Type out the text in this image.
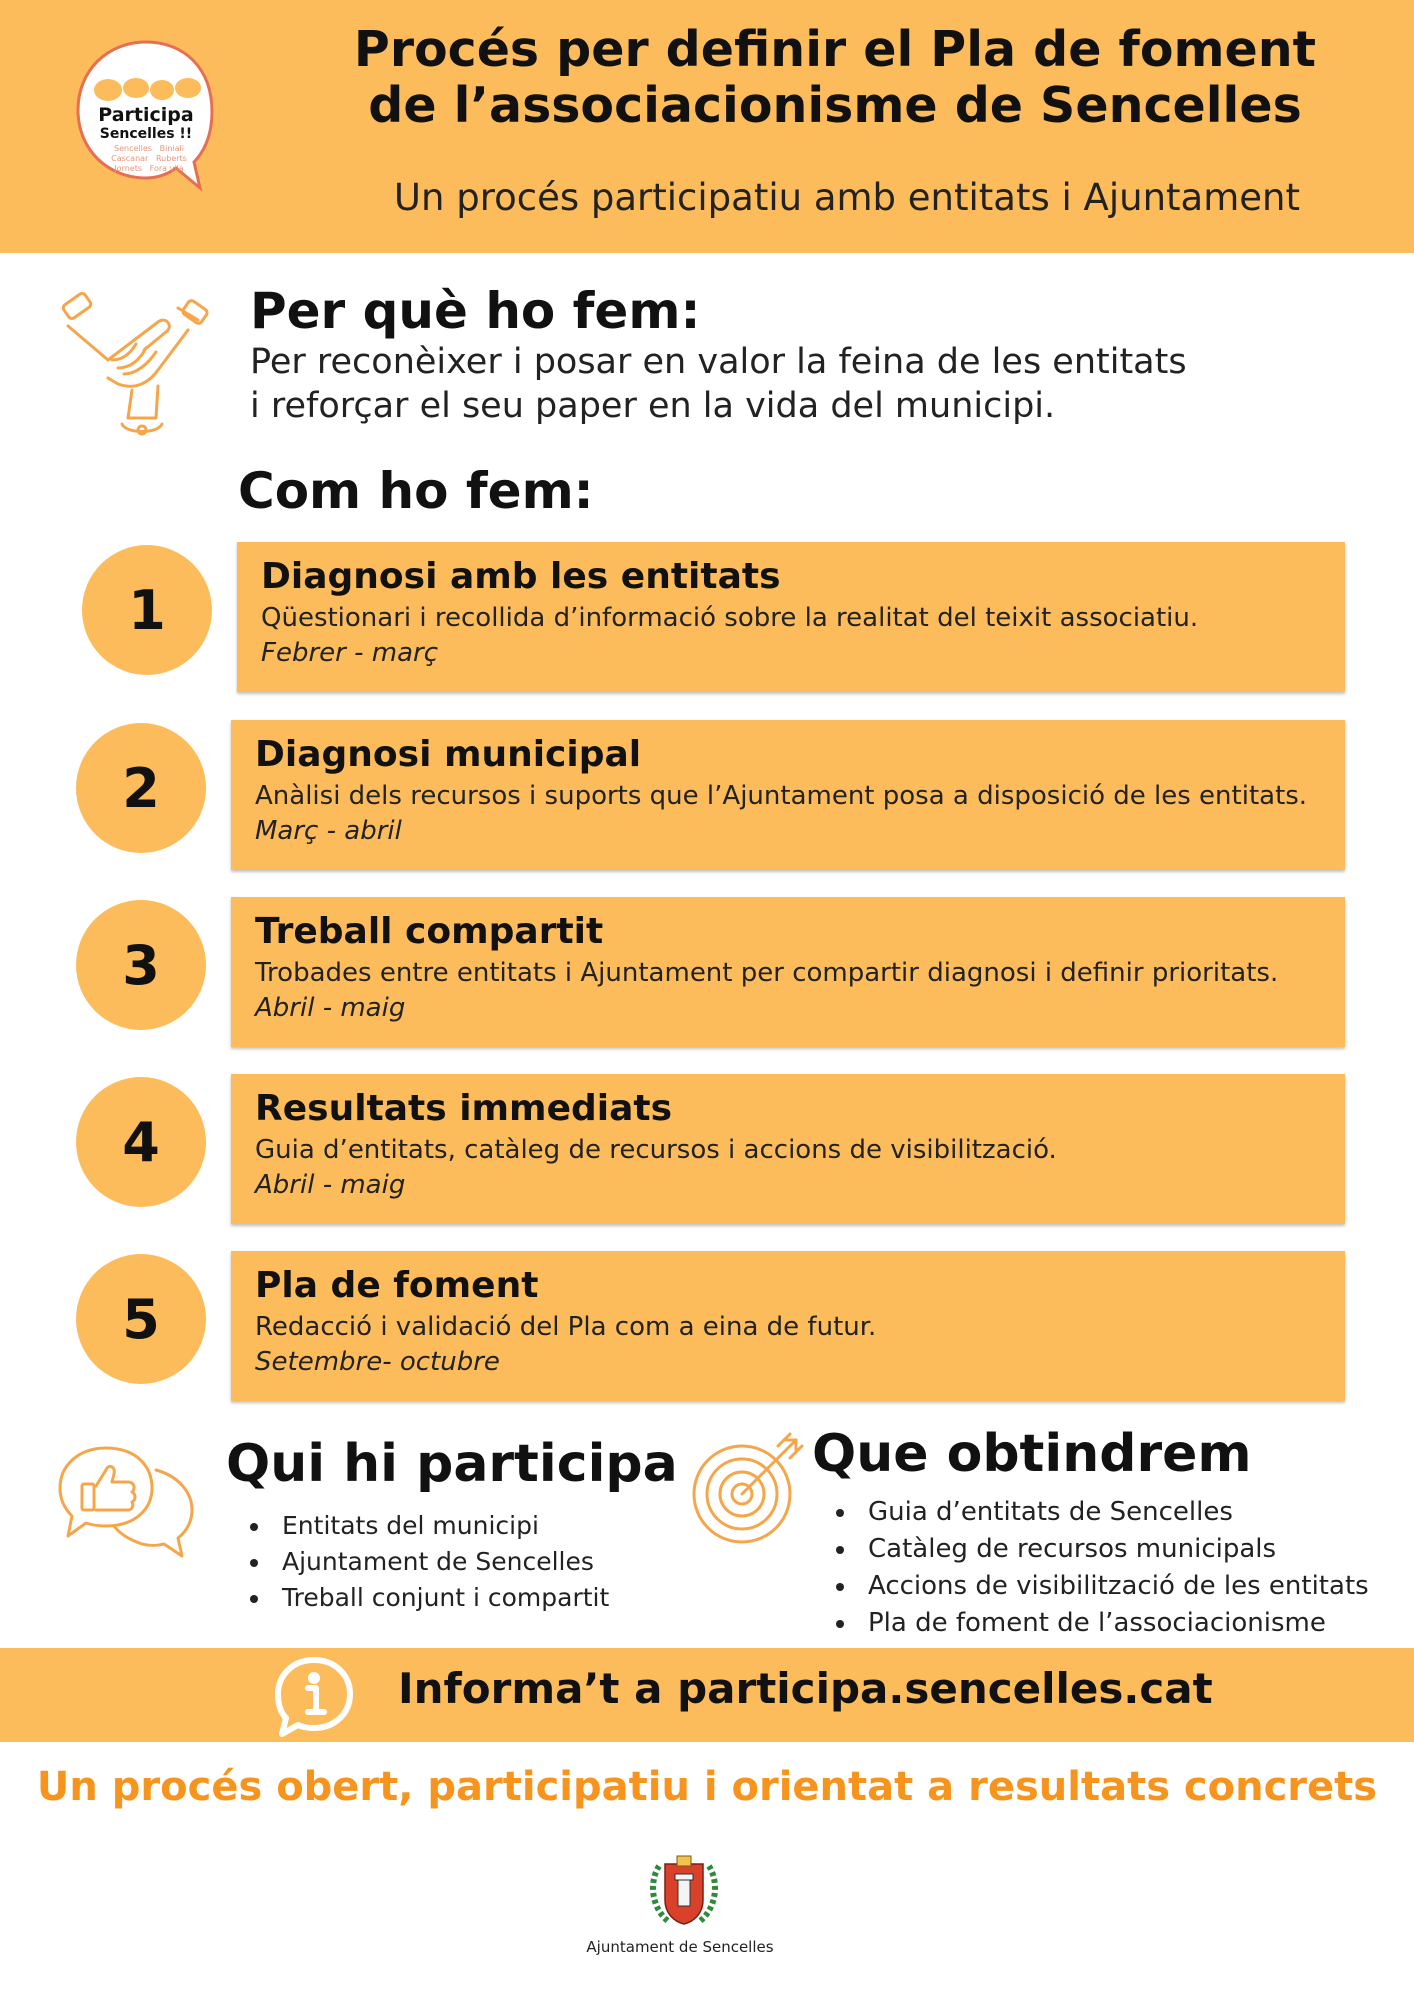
Participa
Sencelles !!
Sencelles Biniali
Cascanar Ruberts
Jornets Fora vila
Procés per definir el Pla de foment
de l’associacionisme de Sencelles
Un procés participatiu amb entitats i Ajuntament
Per què ho fem:
Per reconèixer i posar en valor la feina de les entitats
i reforçar el seu paper en la vida del municipi.
Com ho fem:
1
Diagnosi amb les entitats
Qüestionari i recollida d’informació sobre la realitat del teixit associatiu.
Febrer - març
2
Diagnosi municipal
Anàlisi dels recursos i suports que l’Ajuntament posa a disposició de les entitats.
Març - abril
3
Treball compartit
Trobades entre entitats i Ajuntament per compartir diagnosi i definir prioritats.
Abril - maig
4
Resultats immediats
Guia d’entitats, catàleg de recursos i accions de visibilització.
Abril - maig
5
Pla de foment
Redacció i validació del Pla com a eina de futur.
Setembre- octubre
Qui hi participa
• Entitats del municipi
• Ajuntament de Sencelles
• Treball conjunt i compartit
Que obtindrem
• Guia d’entitats de Sencelles
• Catàleg de recursos municipals
• Accions de visibilització de les entitats
• Pla de foment de l’associacionisme
Informa’t a participa.sencelles.cat
Un procés obert, participatiu i orientat a resultats concrets
Ajuntament de Sencelles
